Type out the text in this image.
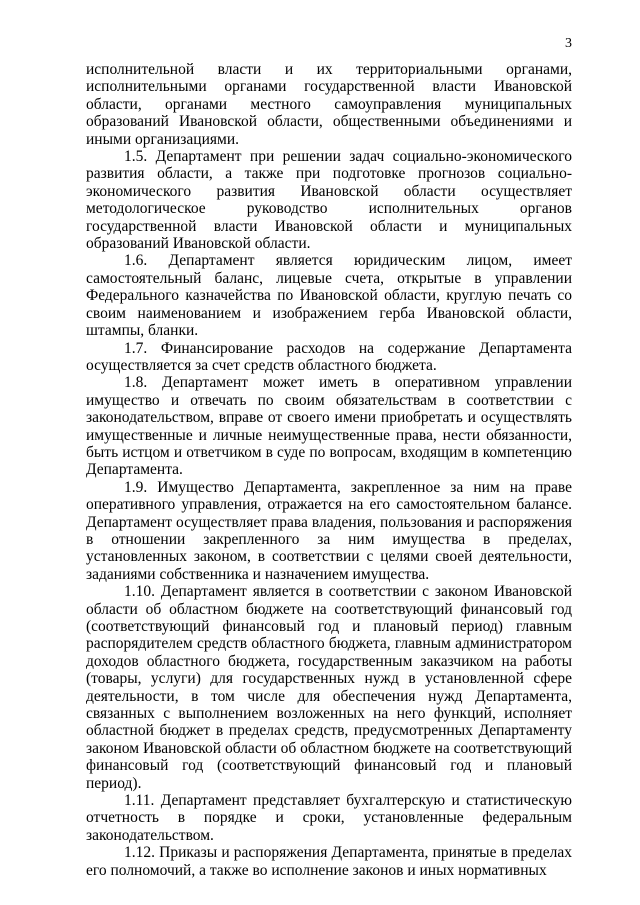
3

исполнительной власти и их территориальными органами, исполнительными органами государственной власти Ивановской области, органами местного самоуправления муниципальных образований Ивановской области, общественными объединениями и иными организациями.

1.5. Департамент при решении задач социально-экономического развития области, а также при подготовке прогнозов социально-экономического развития Ивановской области осуществляет методологическое руководство исполнительных органов государственной власти Ивановской области и муниципальных образований Ивановской области.

1.6. Департамент является юридическим лицом, имеет самостоятельный баланс, лицевые счета, открытые в управлении Федерального казначейства по Ивановской области, круглую печать со своим наименованием и изображением герба Ивановской области, штампы, бланки.

1.7. Финансирование расходов на содержание Департамента осуществляется за счет средств областного бюджета.

1.8. Департамент может иметь в оперативном управлении имущество и отвечать по своим обязательствам в соответствии с законодательством, вправе от своего имени приобретать и осуществлять имущественные и личные неимущественные права, нести обязанности, быть истцом и ответчиком в суде по вопросам, входящим в компетенцию Департамента.

1.9. Имущество Департамента, закрепленное за ним на праве оперативного управления, отражается на его самостоятельном балансе. Департамент осуществляет права владения, пользования и распоряжения в отношении закрепленного за ним имущества в пределах, установленных законом, в соответствии с целями своей деятельности, заданиями собственника и назначением имущества.

1.10. Департамент является в соответствии с законом Ивановской области об областном бюджете на соответствующий финансовый год (соответствующий финансовый год и плановый период) главным распорядителем средств областного бюджета, главным администратором доходов областного бюджета, государственным заказчиком на работы (товары, услуги) для государственных нужд в установленной сфере деятельности, в том числе для обеспечения нужд Департамента, связанных с выполнением возложенных на него функций, исполняет областной бюджет в пределах средств, предусмотренных Департаменту законом Ивановской области об областном бюджете на соответствующий финансовый год (соответствующий финансовый год и плановый период).

1.11. Департамент представляет бухгалтерскую и статистическую отчетность в порядке и сроки, установленные федеральным законодательством.

1.12. Приказы и распоряжения Департамента, принятые в пределах его полномочий, а также во исполнение законов и иных нормативных
